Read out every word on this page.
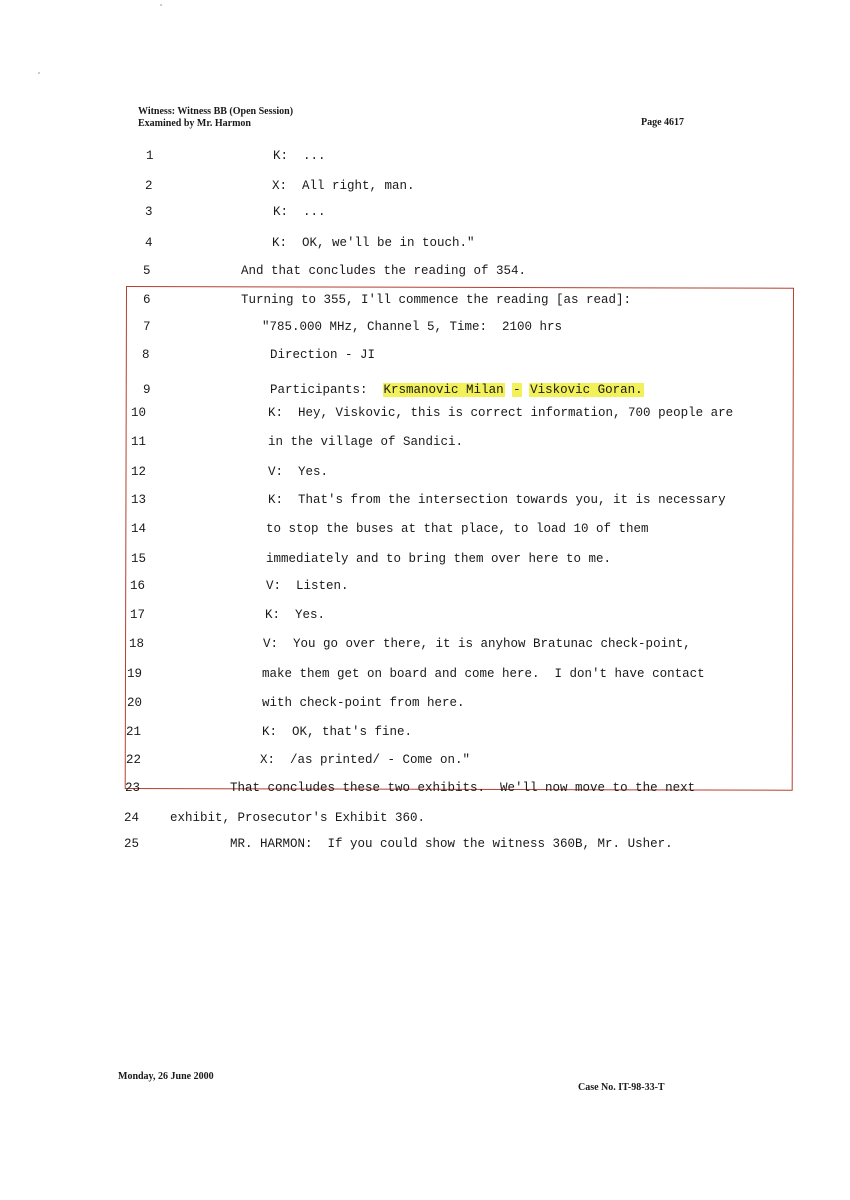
Witness: Witness BB (Open Session)
Examined by Mr. Harmon	Page 4617
1	K:  ...
2	X:  All right, man.
3	K:  ...
4	K:  OK, we'll be in touch."
5	And that concludes the reading of 354.
6	Turning to 355, I'll commence the reading [as read]:
7	"785.000 MHz, Channel 5, Time:  2100 hrs
8	Direction - JI
9	Participants: Krsmanovic Milan - Viskovic Goran.
10	K:  Hey, Viskovic, this is correct information, 700 people are
11	in the village of Sandici.
12	V:  Yes.
13	K:  That's from the intersection towards you, it is necessary
14	to stop the buses at that place, to load 10 of them
15	immediately and to bring them over here to me.
16	V:  Listen.
17	K:  Yes.
18	V:  You go over there, it is anyhow Bratunac check-point,
19	make them get on board and come here.  I don't have contact
20	with check-point from here.
21	K:  OK, that's fine.
22	X:  /as printed/ - Come on."
23	That concludes these two exhibits.  We'll now move to the next
24 exhibit, Prosecutor's Exhibit 360.
25	MR. HARMON:  If you could show the witness 360B, Mr. Usher.
Monday, 26 June 2000
Case No. IT-98-33-T
